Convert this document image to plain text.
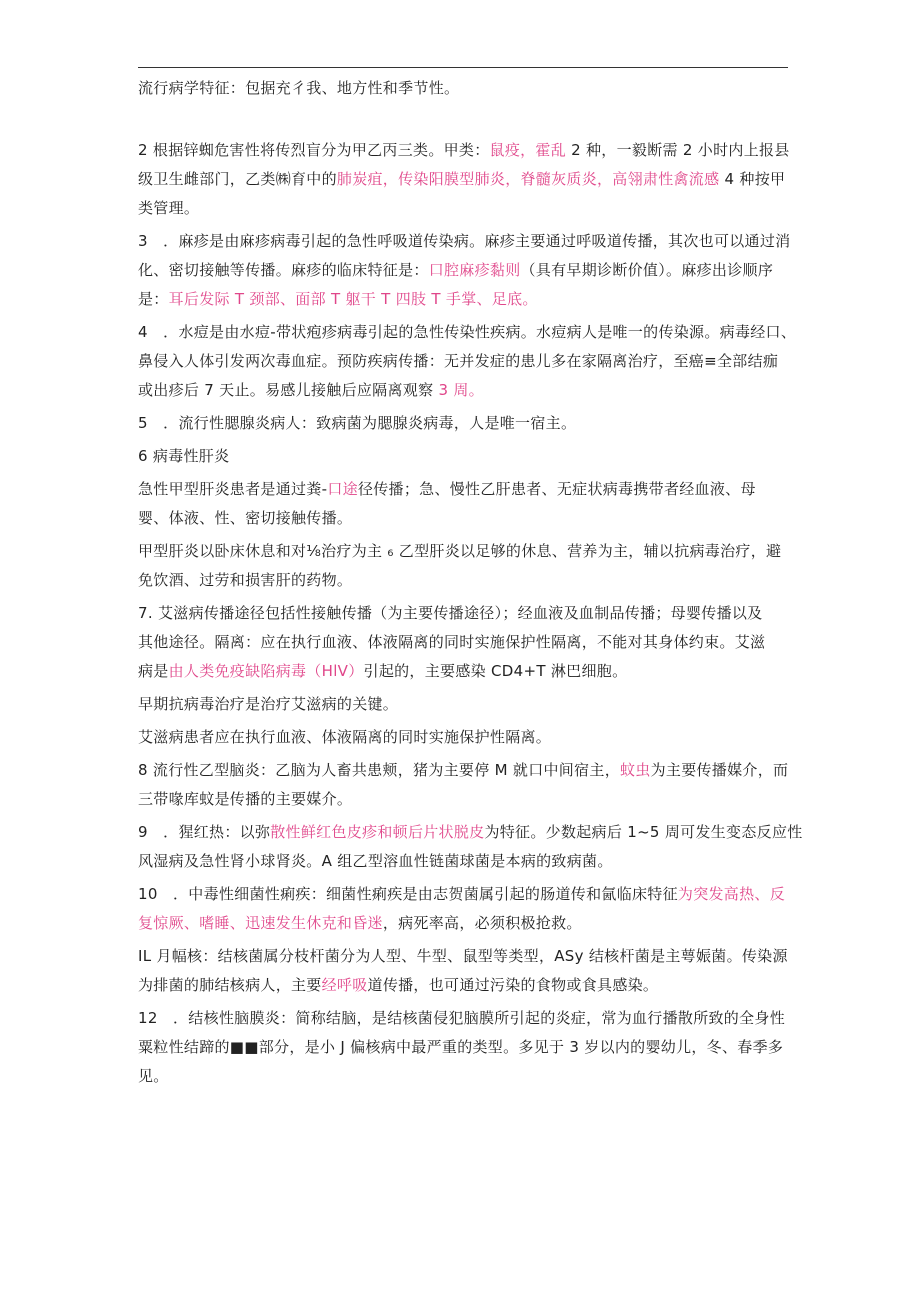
流行病学特征：包据充彳我、地方性和季节性。
2 根据锌蜘危害性将传烈盲分为甲乙丙三类。甲类：鼠疫，霍乱 2 种，一毅断需 2 小时内上报县
级卫生雌部门，乙类㈱育中的肺炭疽，传染阳膜型肺炎，脊髓灰质炎，高翎肃性禽流感 4 种按甲
类管理。
3　．麻疹是由麻疹病毒引起的急性呼吸道传染病。麻疹主要通过呼吸道传播，其次也可以通过消
化、密切接触等传播。麻疹的临床特征是：口腔麻疹黏则（具有早期诊断价值）。麻疹出诊顺序
是：耳后发际 T 颈部、面部 T 躯干 T 四肢 T 手掌、足底。
4　．水痘是由水痘-带状疱疹病毒引起的急性传染性疾病。水痘病人是唯一的传染源。病毒经口、
鼻侵入人体引发两次毒血症。预防疾病传播：无并发症的患儿多在家隔离治疗，至癌≡全部结痂
或出疹后 7 天止。易感儿接触后应隔离观察 3 周。
5　．流行性腮腺炎病人：致病菌为腮腺炎病毒，人是唯一宿主。
6 病毒性肝炎
急性甲型肝炎患者是通过粪-口途径传播；急、慢性乙肝患者、无症状病毒携带者经血液、母
婴、体液、性、密切接触传播。
甲型肝炎以卧床休息和对⅛治疗为主 ₆ 乙型肝炎以足够的休息、营养为主，辅以抗病毒治疗，避
免饮酒、过劳和损害肝的药物。
7. 艾滋病传播途径包括性接触传播（为主要传播途径）；经血液及血制品传播；母婴传播以及
其他途径。隔离：应在执行血液、体液隔离的同时实施保护性隔离，不能对其身体约束。艾滋
病是由人类免疫缺陷病毒（HlV）引起的，主要感染 CD4+T 淋巴细胞。
早期抗病毒治疗是治疗艾滋病的关键。
艾滋病患者应在执行血液、体液隔离的同时实施保护性隔离。
8 流行性乙型脑炎：乙脑为人畜共患颊，猪为主要停 M 就口中间宿主，蚊虫为主要传播媒介，而
三带喙库蚊是传播的主要媒介。
9　．猩红热：以弥散性鲜红色皮疹和顿后片状脱皮为特征。少数起病后 1~5 周可发生变态反应性
风湿病及急性肾小球肾炎。A 组乙型溶血性链菌球菌是本病的致病菌。
10　．中毒性细菌性痢疾：细菌性痢疾是由志贺菌属引起的肠道传和氤临床特征为突发高热、反
复惊厥、嗜睡、迅速发生休克和昏迷，病死率高，必须积极抢救。
IL 月幅核：结核菌属分枝杆菌分为人型、牛型、鼠型等类型，ASy 结核杆菌是主萼娠菌。传染源
为排菌的肺结核病人，主要经呼吸道传播，也可通过污染的食物或食具感染。
12　．结核性脑膜炎：简称结脑，是结核菌侵犯脑膜所引起的炎症，常为血行播散所致的全身性
粟粒性结蹄的■■部分，是小 J 偏核病中最严重的类型。多见于 3 岁以内的婴幼儿，冬、春季多
见。
